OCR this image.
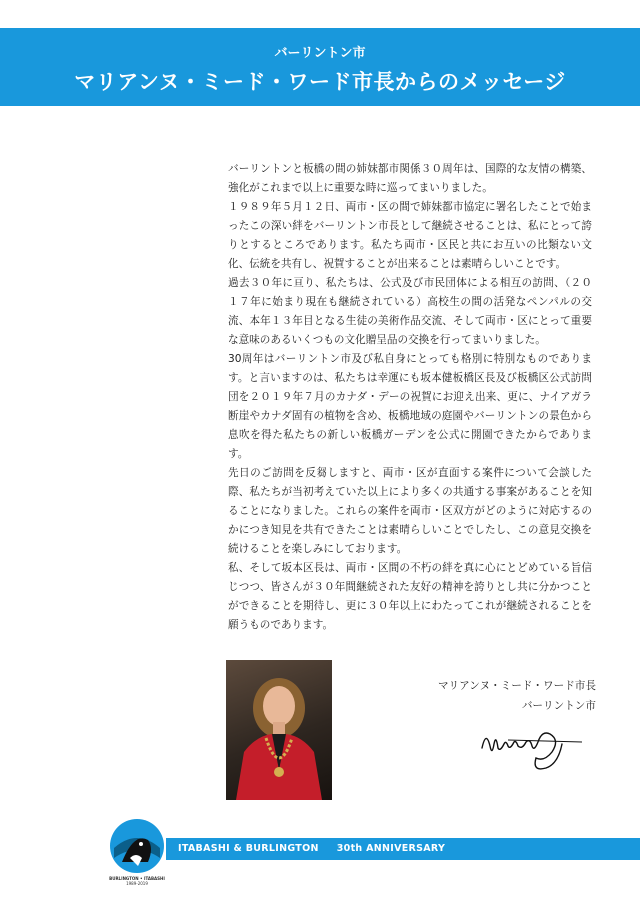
バーリントン市
マリアンヌ・ミード・ワード市長からのメッセージ

バーリントンと板橋の間の姉妹都市関係３０周年は、国際的な友情の構築、強化がこれまで以上に重要な時に巡ってまいりました。

１９８９年５月１２日、両市・区の間で姉妹都市協定に署名したことで始まったこの深い絆をバーリントン市長として継続させることは、私にとって誇りとするところであります。私たち両市・区民と共にお互いの比類ない文化、伝統を共有し、祝賀することが出来ることは素晴らしいことです。

過去３０年に亘り、私たちは、公式及び市民団体による相互の訪問、（２０１７年に始まり現在も継続されている）高校生の間の活発なペンパルの交流、本年１３年目となる生徒の美術作品交流、そして両市・区にとって重要な意味のあるいくつもの文化贈呈品の交換を行ってまいりました。

30周年はバーリントン市及び私自身にとっても格別に特別なものであります。と言いますのは、私たちは幸運にも坂本健板橋区長及び板橋区公式訪問団を２０１９年７月のカナダ・デーの祝賀にお迎え出来、更に、ナイアガラ断崖やカナダ固有の植物を含め、板橋地域の庭園やバーリントンの景色から息吹を得た私たちの新しい板橋ガーデンを公式に開園できたからであります。

先日のご訪問を反芻しますと、両市・区が直面する案件について会談した際、私たちが当初考えていた以上により多くの共通する事案があることを知ることになりました。これらの案件を両市・区双方がどのように対応するのかにつき知見を共有できたことは素晴らしいことでしたし、この意見交換を続けることを楽しみにしております。

私、そして坂本区長は、両市・区間の不朽の絆を真に心にとどめている旨信じつつ、皆さんが３０年間継続された友好の精神を誇りとし共に分かつことができることを期待し、更に３０年以上にわたってこれが継続されることを願うものであります。

マリアンヌ・ミード・ワード市長
バーリントン市
BURLINGTON • ITABASHI
1989-2019
ITABASHI & BURLINGTON 30th ANNIVERSARY
